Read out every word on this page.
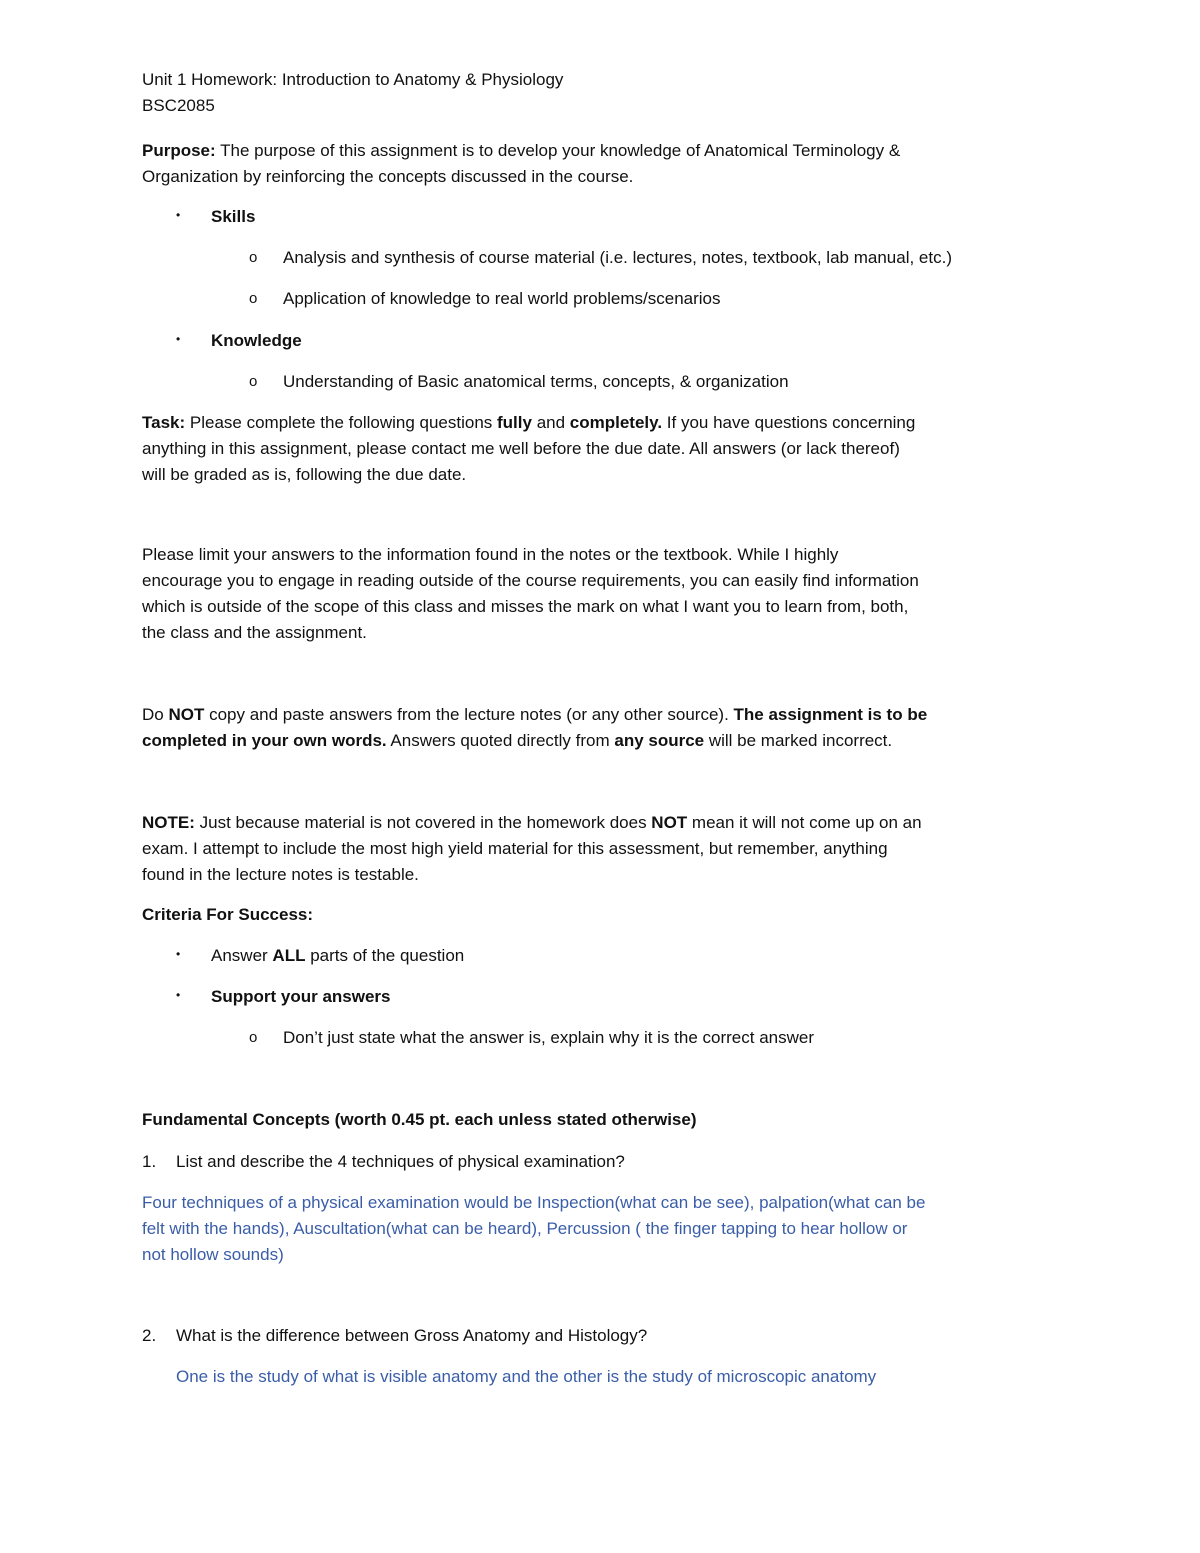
Unit 1 Homework: Introduction to Anatomy & Physiology
BSC2085
Purpose: The purpose of this assignment is to develop your knowledge of Anatomical Terminology &
Organization by reinforcing the concepts discussed in the course.
• Skills
o Analysis and synthesis of course material (i.e. lectures, notes, textbook, lab manual, etc.)
o Application of knowledge to real world problems/scenarios
• Knowledge
o Understanding of Basic anatomical terms, concepts, & organization
Task: Please complete the following questions fully and completely. If you have questions concerning
anything in this assignment, please contact me well before the due date. All answers (or lack thereof)
will be graded as is, following the due date.
Please limit your answers to the information found in the notes or the textbook. While I highly
encourage you to engage in reading outside of the course requirements, you can easily find information
which is outside of the scope of this class and misses the mark on what I want you to learn from, both,
the class and the assignment.
Do NOT copy and paste answers from the lecture notes (or any other source). The assignment is to be
completed in your own words. Answers quoted directly from any source will be marked incorrect.
NOTE: Just because material is not covered in the homework does NOT mean it will not come up on an
exam. I attempt to include the most high yield material for this assessment, but remember, anything
found in the lecture notes is testable.
Criteria For Success:
• Answer ALL parts of the question
• Support your answers
o Don’t just state what the answer is, explain why it is the correct answer
Fundamental Concepts (worth 0.45 pt. each unless stated otherwise)
1. List and describe the 4 techniques of physical examination?
Four techniques of a physical examination would be Inspection(what can be see), palpation(what can be
felt with the hands), Auscultation(what can be heard), Percussion ( the finger tapping to hear hollow or
not hollow sounds)
2. What is the difference between Gross Anatomy and Histology?
One is the study of what is visible anatomy and the other is the study of microscopic anatomy
